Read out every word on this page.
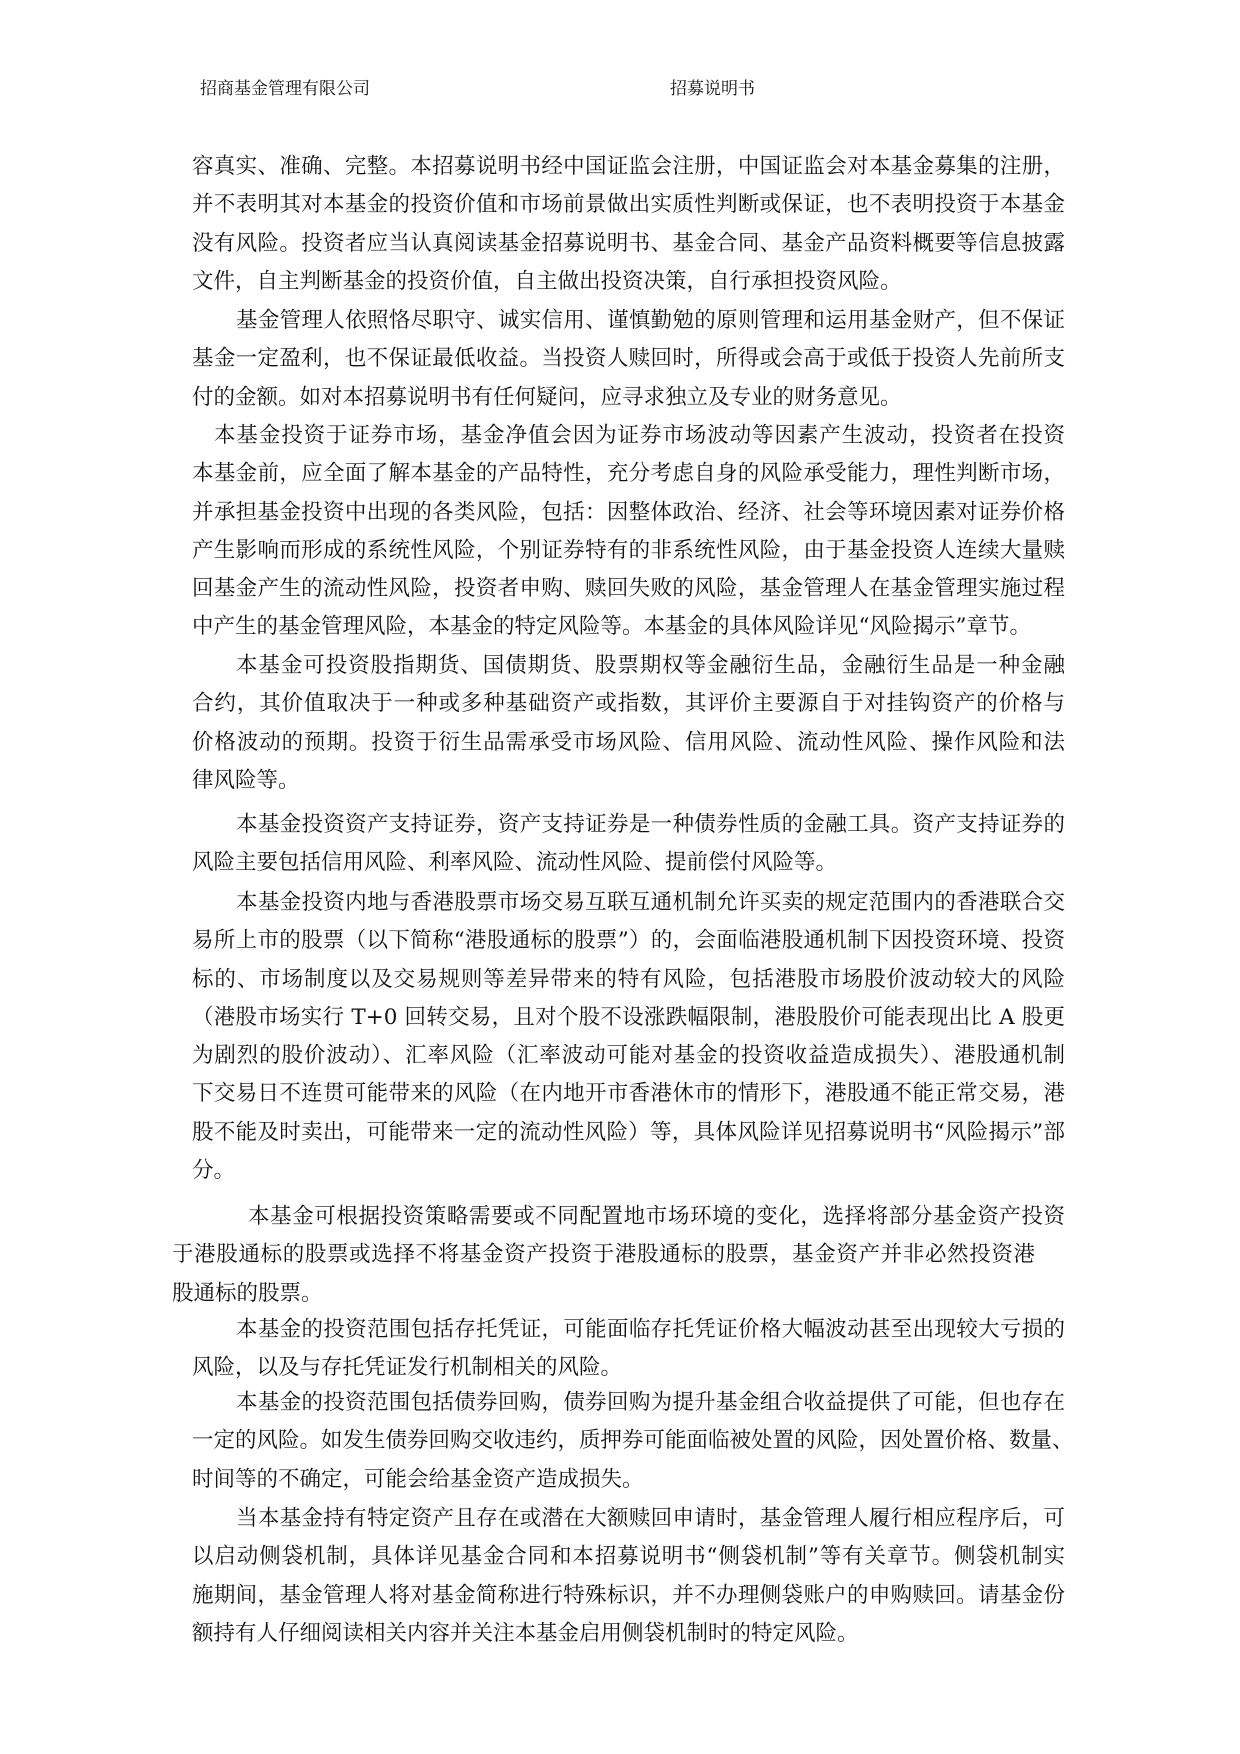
招商基金管理有限公司	招募说明书
容真实、准确、完整。本招募说明书经中国证监会注册，中国证监会对本基金募集的注册，
并不表明其对本基金的投资价值和市场前景做出实质性判断或保证，也不表明投资于本基金
没有风险。投资者应当认真阅读基金招募说明书、基金合同、基金产品资料概要等信息披露
文件，自主判断基金的投资价值，自主做出投资决策，自行承担投资风险。
基金管理人依照恪尽职守、诚实信用、谨慎勤勉的原则管理和运用基金财产，但不保证
基金一定盈利，也不保证最低收益。当投资人赎回时，所得或会高于或低于投资人先前所支
付的金额。如对本招募说明书有任何疑问，应寻求独立及专业的财务意见。
本基金投资于证券市场，基金净值会因为证券市场波动等因素产生波动，投资者在投资
本基金前，应全面了解本基金的产品特性，充分考虑自身的风险承受能力，理性判断市场，
并承担基金投资中出现的各类风险，包括：因整体政治、经济、社会等环境因素对证券价格
产生影响而形成的系统性风险，个别证券特有的非系统性风险，由于基金投资人连续大量赎
回基金产生的流动性风险，投资者申购、赎回失败的风险，基金管理人在基金管理实施过程
中产生的基金管理风险，本基金的特定风险等。本基金的具体风险详见“风险揭示”章节。
本基金可投资股指期货、国债期货、股票期权等金融衍生品，金融衍生品是一种金融
合约，其价值取决于一种或多种基础资产或指数，其评价主要源自于对挂钩资产的价格与
价格波动的预期。投资于衍生品需承受市场风险、信用风险、流动性风险、操作风险和法
律风险等。
本基金投资资产支持证券，资产支持证券是一种债券性质的金融工具。资产支持证券的
风险主要包括信用风险、利率风险、流动性风险、提前偿付风险等。
本基金投资内地与香港股票市场交易互联互通机制允许买卖的规定范围内的香港联合交
易所上市的股票（以下简称“港股通标的股票”）的，会面临港股通机制下因投资环境、投资
标的、市场制度以及交易规则等差异带来的特有风险，包括港股市场股价波动较大的风险
（港股市场实行 T+0 回转交易，且对个股不设涨跌幅限制，港股股价可能表现出比 A 股更
为剧烈的股价波动）、汇率风险（汇率波动可能对基金的投资收益造成损失）、港股通机制
下交易日不连贯可能带来的风险（在内地开市香港休市的情形下，港股通不能正常交易，港
股不能及时卖出，可能带来一定的流动性风险）等，具体风险详见招募说明书“风险揭示”部
分。
本基金可根据投资策略需要或不同配置地市场环境的变化，选择将部分基金资产投资
于港股通标的股票或选择不将基金资产投资于港股通标的股票，基金资产并非必然投资港
股通标的股票。
本基金的投资范围包括存托凭证，可能面临存托凭证价格大幅波动甚至出现较大亏损的
风险，以及与存托凭证发行机制相关的风险。
本基金的投资范围包括债券回购，债券回购为提升基金组合收益提供了可能，但也存在
一定的风险。如发生债券回购交收违约，质押券可能面临被处置的风险，因处置价格、数量、
时间等的不确定，可能会给基金资产造成损失。
当本基金持有特定资产且存在或潜在大额赎回申请时，基金管理人履行相应程序后，可
以启动侧袋机制，具体详见基金合同和本招募说明书“侧袋机制”等有关章节。侧袋机制实
施期间，基金管理人将对基金简称进行特殊标识，并不办理侧袋账户的申购赎回。请基金份
额持有人仔细阅读相关内容并关注本基金启用侧袋机制时的特定风险。
